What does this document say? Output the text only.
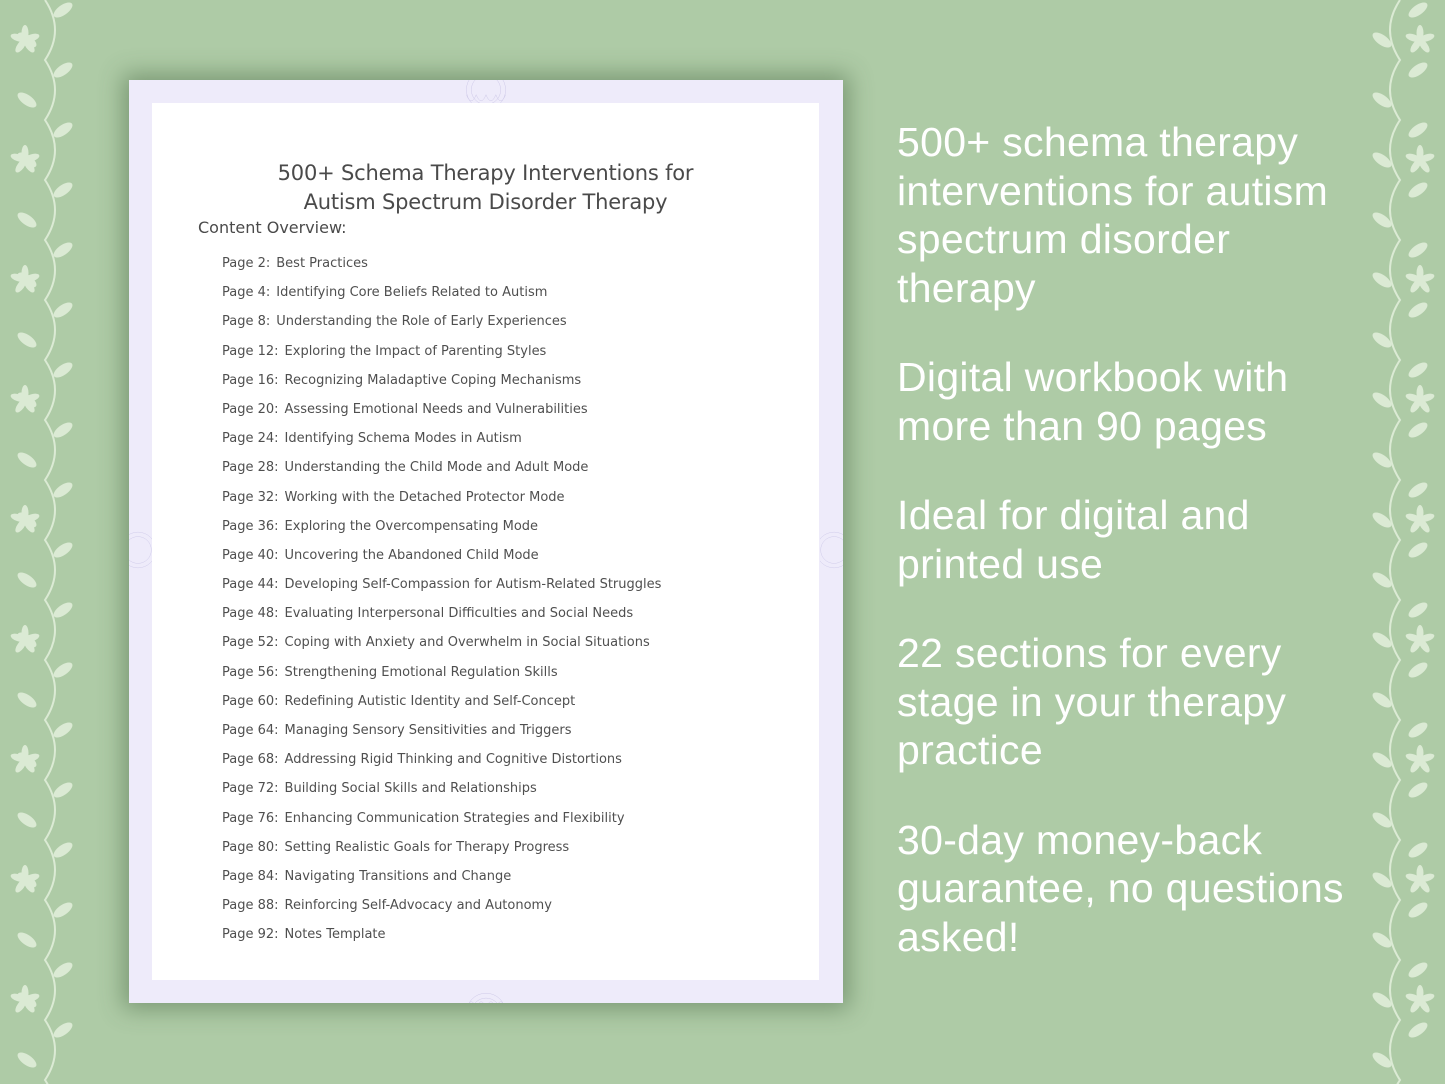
500+ Schema Therapy Interventions for
Autism Spectrum Disorder Therapy
Content Overview:
Page 2: Best Practices
Page 4: Identifying Core Beliefs Related to Autism
Page 8: Understanding the Role of Early Experiences
Page 12: Exploring the Impact of Parenting Styles
Page 16: Recognizing Maladaptive Coping Mechanisms
Page 20: Assessing Emotional Needs and Vulnerabilities
Page 24: Identifying Schema Modes in Autism
Page 28: Understanding the Child Mode and Adult Mode
Page 32: Working with the Detached Protector Mode
Page 36: Exploring the Overcompensating Mode
Page 40: Uncovering the Abandoned Child Mode
Page 44: Developing Self-Compassion for Autism-Related Struggles
Page 48: Evaluating Interpersonal Difficulties and Social Needs
Page 52: Coping with Anxiety and Overwhelm in Social Situations
Page 56: Strengthening Emotional Regulation Skills
Page 60: Redefining Autistic Identity and Self-Concept
Page 64: Managing Sensory Sensitivities and Triggers
Page 68: Addressing Rigid Thinking and Cognitive Distortions
Page 72: Building Social Skills and Relationships
Page 76: Enhancing Communication Strategies and Flexibility
Page 80: Setting Realistic Goals for Therapy Progress
Page 84: Navigating Transitions and Change
Page 88: Reinforcing Self-Advocacy and Autonomy
Page 92: Notes Template
500+ schema therapy interventions for autism spectrum disorder therapy
Digital workbook with more than 90 pages
Ideal for digital and printed use
22 sections for every stage in your therapy practice
30-day money-back guarantee, no questions asked!
